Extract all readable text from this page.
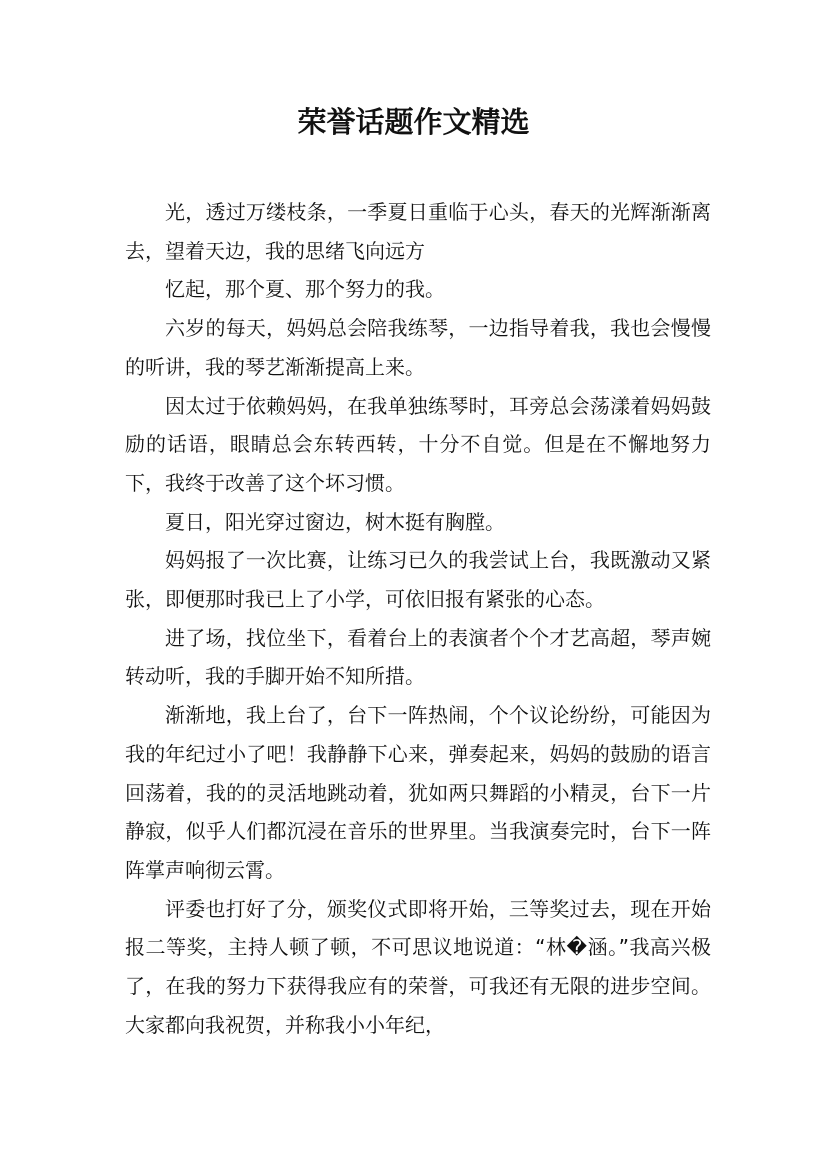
荣誉话题作文精选

光，透过万缕枝条，一季夏日重临于心头，春天的光辉渐渐离去，望着天边，我的思绪飞向远方

忆起，那个夏、那个努力的我。

六岁的每天，妈妈总会陪我练琴，一边指导着我，我也会慢慢的听讲，我的琴艺渐渐提高上来。

因太过于依赖妈妈，在我单独练琴时，耳旁总会荡漾着妈妈鼓励的话语，眼睛总会东转西转，十分不自觉。但是在不懈地努力下，我终于改善了这个坏习惯。

夏日，阳光穿过窗边，树木挺有胸膛。

妈妈报了一次比赛，让练习已久的我尝试上台，我既激动又紧张，即便那时我已上了小学，可依旧报有紧张的心态。

进了场，找位坐下，看着台上的表演者个个才艺高超，琴声婉转动听，我的手脚开始不知所措。

渐渐地，我上台了，台下一阵热闹，个个议论纷纷，可能因为我的年纪过小了吧！我静静下心来，弹奏起来，妈妈的鼓励的语言回荡着，我的的灵活地跳动着，犹如两只舞蹈的小精灵，台下一片静寂，似乎人们都沉浸在音乐的世界里。当我演奏完时，台下一阵阵掌声响彻云霄。

评委也打好了分，颁奖仪式即将开始，三等奖过去，现在开始报二等奖，主持人顿了顿，不可思议地说道：“林�涵。”我高兴极了，在我的努力下获得我应有的荣誉，可我还有无限的进步空间。大家都向我祝贺，并称我小小年纪，
